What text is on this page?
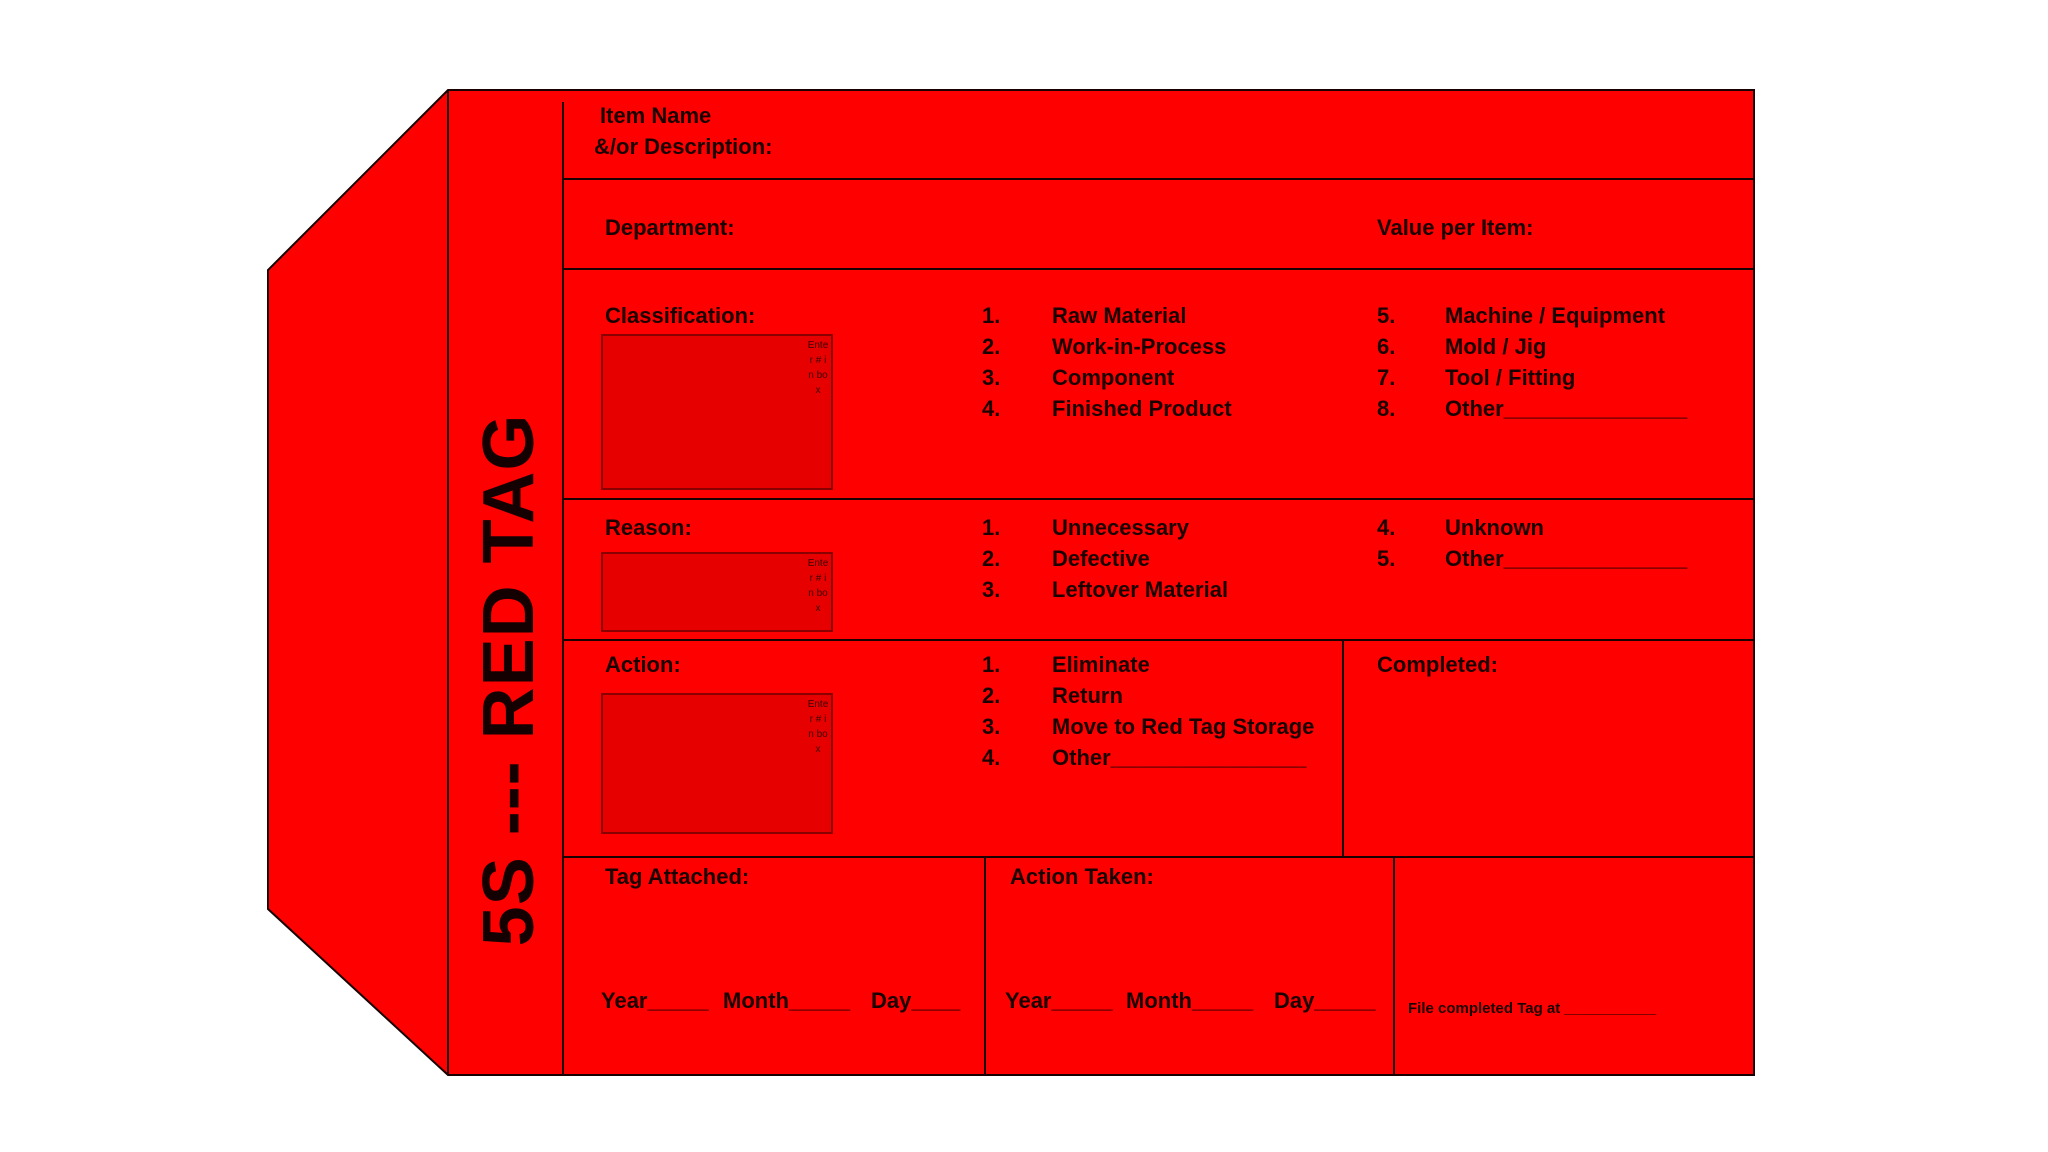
5S --- RED TAG
Item Name
&/or Description:
Department:	Value per Item:
Classification:
Enter # in box
1. Raw Material
2. Work-in-Process
3. Component
4. Finished Product
5. Machine / Equipment
6. Mold / Jig
7. Tool / Fitting
8. Other_______________
Reason:
Enter # in box
1. Unnecessary
2. Defective
3. Leftover Material
4. Unknown
5. Other_______________
Action:
Enter # in box
1. Eliminate
2. Return
3. Move to Red Tag Storage
4. Other________________
Completed:
Tag Attached:
Year_____ Month_____ Day____
Action Taken:
Year_____ Month_____ Day_____ File completed Tag at ___________
